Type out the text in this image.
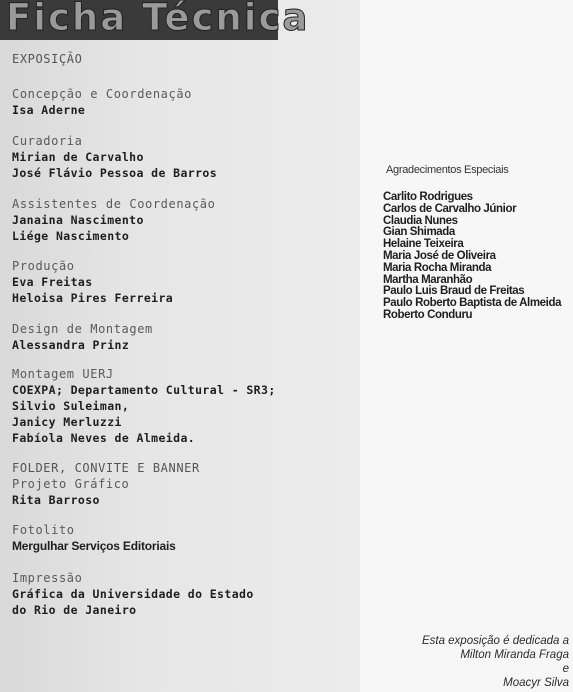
Ficha Técnica
EXPOSIÇÃO
Concepção e Coordenação
Isa Aderne
Curadoria
Mirian de Carvalho
José Flávio Pessoa de Barros
Assistentes de Coordenação
Janaina Nascimento
Liége Nascimento
Produção
Eva Freitas
Heloisa Pires Ferreira
Design de Montagem
Alessandra Prinz
Montagem UERJ
COEXPA; Departamento Cultural - SR3;
Silvio Suleiman,
Janicy Merluzzi
Fabíola Neves de Almeida.
FOLDER, CONVITE E BANNER
Projeto Gráfico
Rita Barroso
Fotolito
Mergulhar Serviços Editoriais
Impressão
Gráfica da Universidade do Estado
do Rio de Janeiro
Agradecimentos Especiais
Carlito Rodrigues
Carlos de Carvalho Júnior
Claudia Nunes
Gian Shimada
Helaine Teixeira
Maria José de Oliveira
Maria Rocha Miranda
Martha Maranhão
Paulo Luis Braud de Freitas
Paulo Roberto Baptista de Almeida
Roberto Conduru
Esta exposição é dedicada a
Milton Miranda Fraga
e
Moacyr Silva
